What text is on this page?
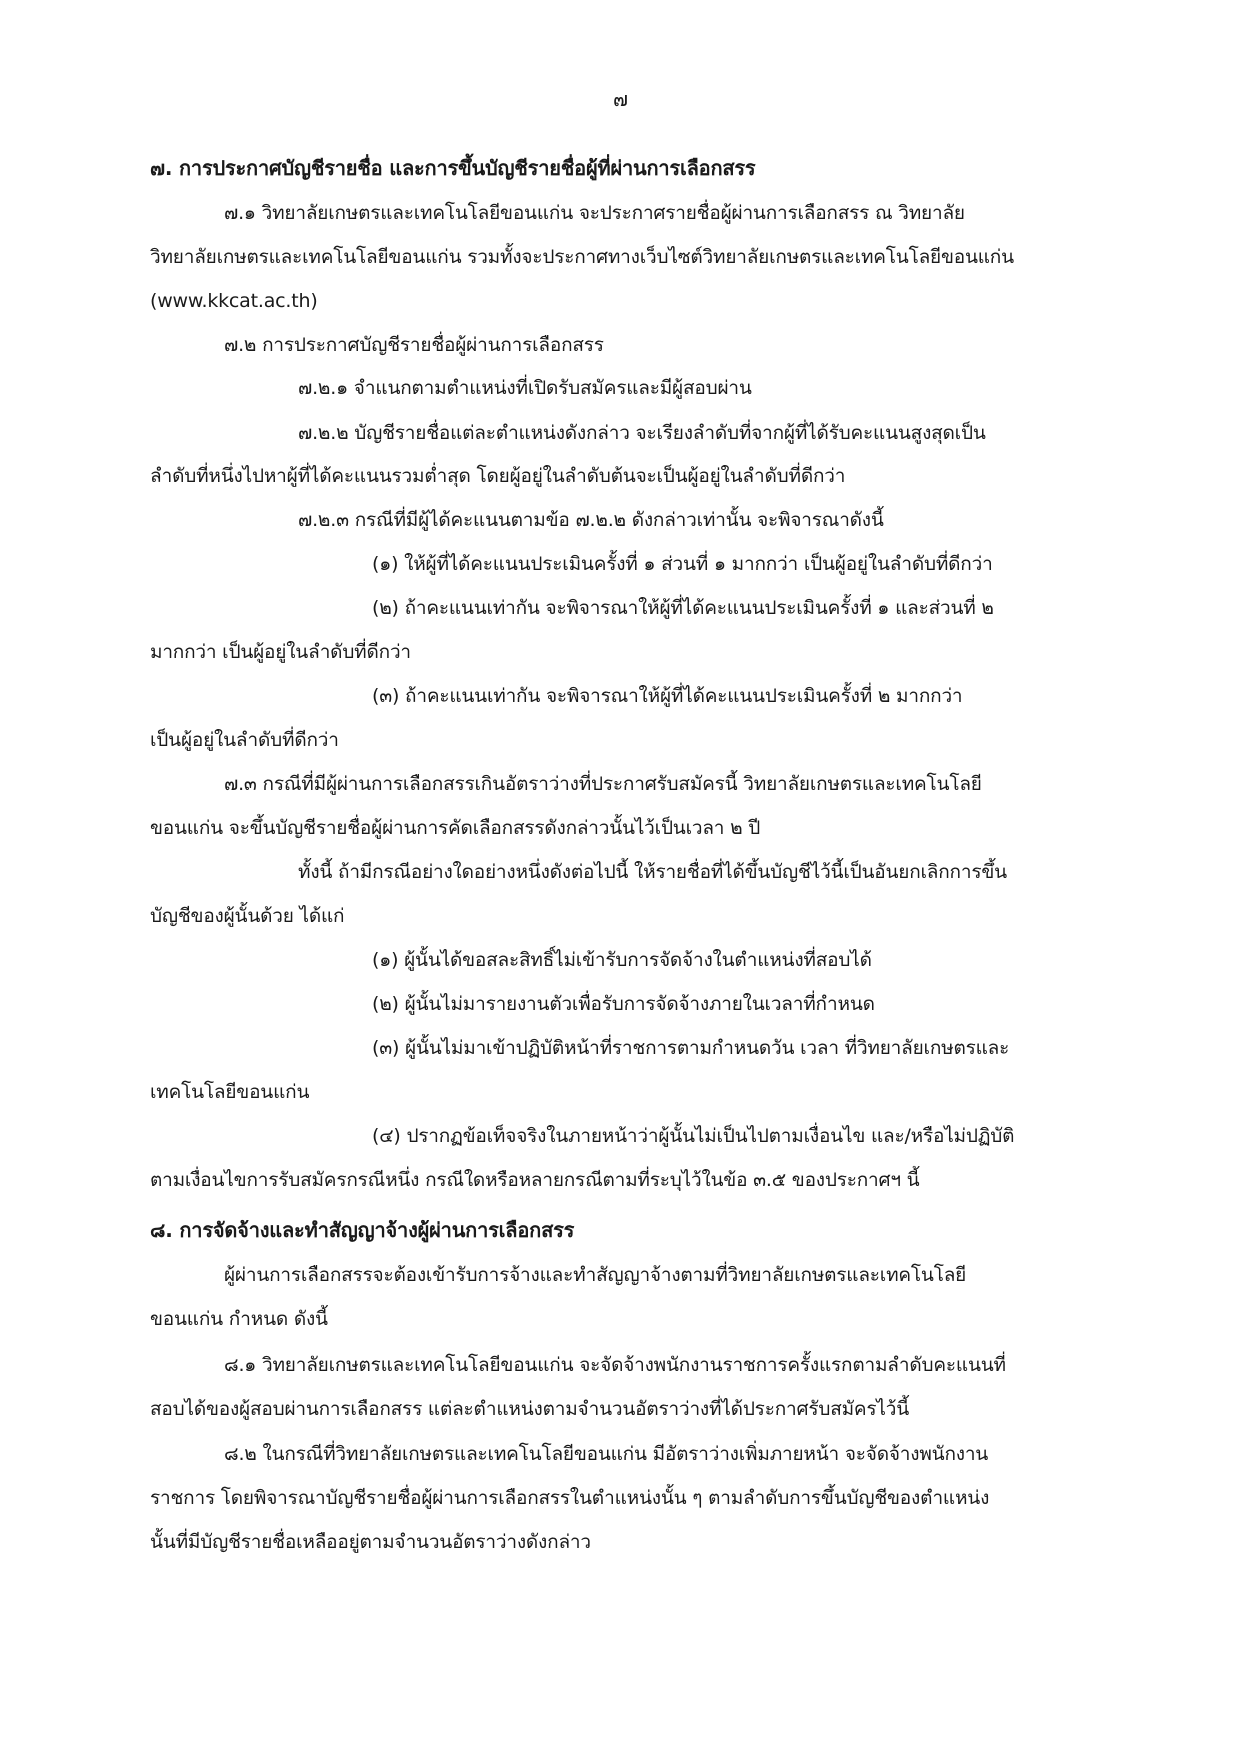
๗
๗. การประกาศบัญชีรายชื่อ และการขึ้นบัญชีรายชื่อผู้ที่ผ่านการเลือกสรร
๗.๑ วิทยาลัยเกษตรและเทคโนโลยีขอนแก่น จะประกาศรายชื่อผู้ผ่านการเลือกสรร ณ วิทยาลัย
วิทยาลัยเกษตรและเทคโนโลยีขอนแก่น รวมทั้งจะประกาศทางเว็บไซต์วิทยาลัยเกษตรและเทคโนโลยีขอนแก่น
(www.kkcat.ac.th)
๗.๒ การประกาศบัญชีรายชื่อผู้ผ่านการเลือกสรร
๗.๒.๑ จำแนกตามตำแหน่งที่เปิดรับสมัครและมีผู้สอบผ่าน
๗.๒.๒ บัญชีรายชื่อแต่ละตำแหน่งดังกล่าว จะเรียงลำดับที่จากผู้ที่ได้รับคะแนนสูงสุดเป็น
ลำดับที่หนึ่งไปหาผู้ที่ได้คะแนนรวมต่ำสุด โดยผู้อยู่ในลำดับต้นจะเป็นผู้อยู่ในลำดับที่ดีกว่า
๗.๒.๓ กรณีที่มีผู้ได้คะแนนตามข้อ ๗.๒.๒ ดังกล่าวเท่านั้น จะพิจารณาดังนี้
(๑) ให้ผู้ที่ได้คะแนนประเมินครั้งที่ ๑ ส่วนที่ ๑ มากกว่า เป็นผู้อยู่ในลำดับที่ดีกว่า
(๒) ถ้าคะแนนเท่ากัน จะพิจารณาให้ผู้ที่ได้คะแนนประเมินครั้งที่ ๑ และส่วนที่ ๒
มากกว่า เป็นผู้อยู่ในลำดับที่ดีกว่า
(๓) ถ้าคะแนนเท่ากัน จะพิจารณาให้ผู้ที่ได้คะแนนประเมินครั้งที่ ๒ มากกว่า
เป็นผู้อยู่ในลำดับที่ดีกว่า
๗.๓ กรณีที่มีผู้ผ่านการเลือกสรรเกินอัตราว่างที่ประกาศรับสมัครนี้ วิทยาลัยเกษตรและเทคโนโลยี
ขอนแก่น จะขึ้นบัญชีรายชื่อผู้ผ่านการคัดเลือกสรรดังกล่าวนั้นไว้เป็นเวลา ๒ ปี
ทั้งนี้ ถ้ามีกรณีอย่างใดอย่างหนึ่งดังต่อไปนี้ ให้รายชื่อที่ได้ขึ้นบัญชีไว้นี้เป็นอันยกเลิกการขึ้น
บัญชีของผู้นั้นด้วย ได้แก่
(๑) ผู้นั้นได้ขอสละสิทธิ์ไม่เข้ารับการจัดจ้างในตำแหน่งที่สอบได้
(๒) ผู้นั้นไม่มารายงานตัวเพื่อรับการจัดจ้างภายในเวลาที่กำหนด
(๓) ผู้นั้นไม่มาเข้าปฏิบัติหน้าที่ราชการตามกำหนดวัน เวลา ที่วิทยาลัยเกษตรและ
เทคโนโลยีขอนแก่น
(๔) ปรากฏข้อเท็จจริงในภายหน้าว่าผู้นั้นไม่เป็นไปตามเงื่อนไข และ/หรือไม่ปฏิบัติ
ตามเงื่อนไขการรับสมัครกรณีหนึ่ง กรณีใดหรือหลายกรณีตามที่ระบุไว้ในข้อ ๓.๕ ของประกาศฯ นี้
๘. การจัดจ้างและทำสัญญาจ้างผู้ผ่านการเลือกสรร
ผู้ผ่านการเลือกสรรจะต้องเข้ารับการจ้างและทำสัญญาจ้างตามที่วิทยาลัยเกษตรและเทคโนโลยี
ขอนแก่น กำหนด ดังนี้
๘.๑ วิทยาลัยเกษตรและเทคโนโลยีขอนแก่น จะจัดจ้างพนักงานราชการครั้งแรกตามลำดับคะแนนที่
สอบได้ของผู้สอบผ่านการเลือกสรร แต่ละตำแหน่งตามจำนวนอัตราว่างที่ได้ประกาศรับสมัครไว้นี้
๘.๒ ในกรณีที่วิทยาลัยเกษตรและเทคโนโลยีขอนแก่น มีอัตราว่างเพิ่มภายหน้า จะจัดจ้างพนักงาน
ราชการ โดยพิจารณาบัญชีรายชื่อผู้ผ่านการเลือกสรรในตำแหน่งนั้น ๆ ตามลำดับการขึ้นบัญชีของตำแหน่ง
นั้นที่มีบัญชีรายชื่อเหลืออยู่ตามจำนวนอัตราว่างดังกล่าว
